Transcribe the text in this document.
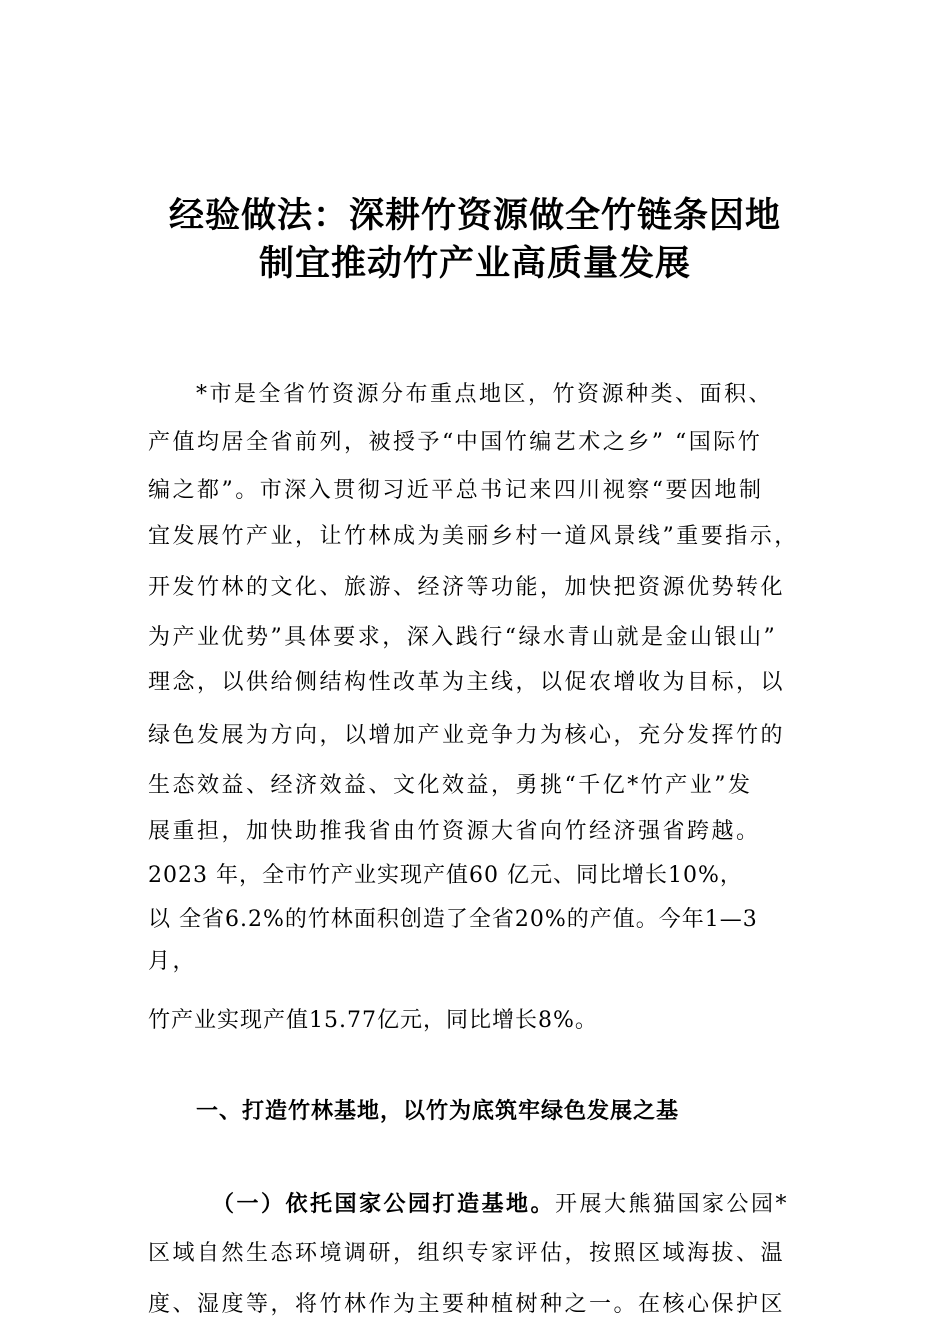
经验做法：深耕竹资源做全竹链条因地
制宜推动竹产业高质量发展
*市是全省竹资源分布重点地区，竹资源种类、面积、
产值均居全省前列，被授予“中国竹编艺术之乡” “国际竹
编之都”。市深入贯彻习近平总书记来四川视察“要因地制
宜发展竹产业，让竹林成为美丽乡村一道风景线”重要指示，
开发竹林的文化、旅游、经济等功能，加快把资源优势转化
为产业优势”具体要求，深入践行“绿水青山就是金山银山”
理念，以供给侧结构性改革为主线，以促农增收为目标，以
绿色发展为方向，以增加产业竞争力为核心，充分发挥竹的
生态效益、经济效益、文化效益，勇挑“千亿*竹产业”发
展重担，加快助推我省由竹资源大省向竹经济强省跨越。
2023 年，全市竹产业实现产值60 亿元、同比增长10%，
以 全省6.2%的竹林面积创造了全省20%的产值。今年1—3
月，
竹产业实现产值15.77亿元，同比增长8%。
一、打造竹林基地，以竹为底筑牢绿色发展之基
（一）依托国家公园打造基地。开展大熊猫国家公园*
区域自然生态环境调研，组织专家评估，按照区域海拔、温
度、湿度等，将竹林作为主要种植树种之一。在核心保护区
